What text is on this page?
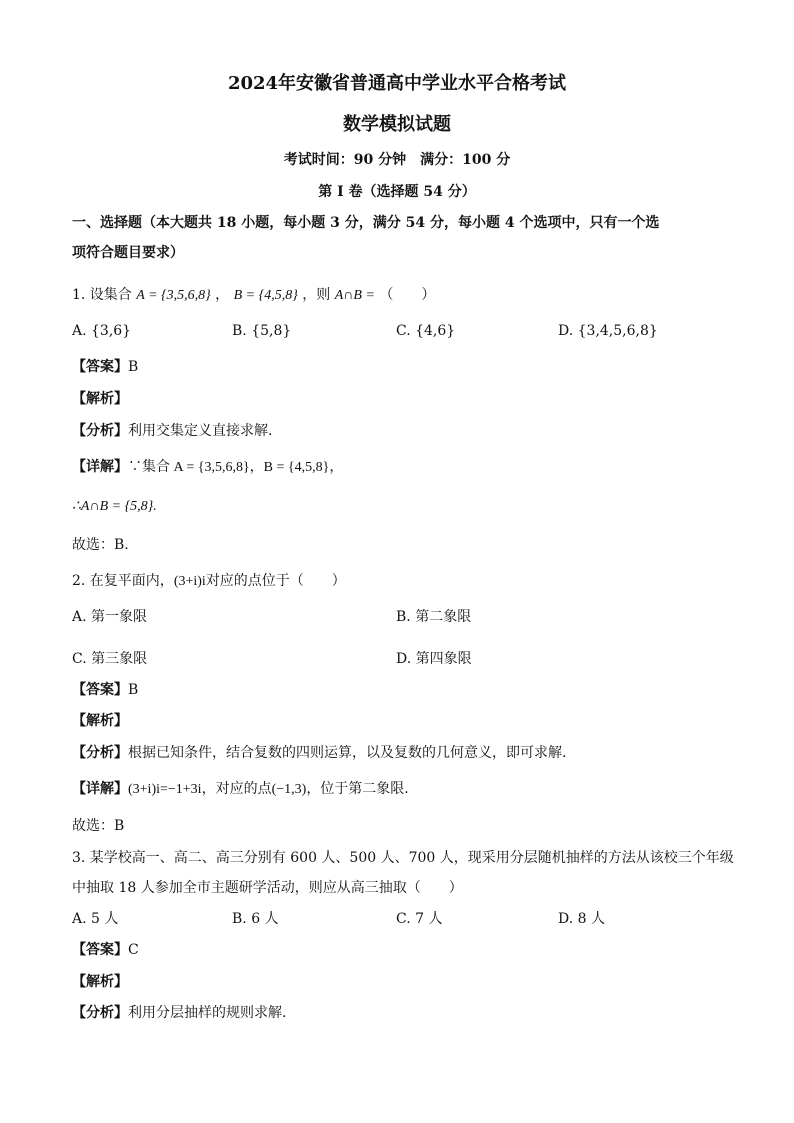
2024年安徽省普通高中学业水平合格考试
数学模拟试题
考试时间：90 分钟　满分：100 分
第 I 卷（选择题 54 分）
一、选择题（本大题共 18 小题，每小题 3 分，满分 54 分，每小题 4 个选项中，只有一个选
项符合题目要求）
1. 设集合 A = {3,5,6,8} ， B = {4,5,8} ，则 A∩B = （　　）
A. {3,6}	B. {5,8}	C. {4,6}	D. {3,4,5,6,8}
【答案】B
【解析】
【分析】利用交集定义直接求解.
【详解】∵集合 A = {3,5,6,8}，B = {4,5,8}，
∴A∩B = {5,8}.
故选：B.
2. 在复平面内，(3+i)i对应的点位于（　　）
A. 第一象限	B. 第二象限
C. 第三象限	D. 第四象限
【答案】B
【解析】
【分析】根据已知条件，结合复数的四则运算，以及复数的几何意义，即可求解.
【详解】(3+i)i=−1+3i，对应的点(−1,3)，位于第二象限.
故选：B
3. 某学校高一、高二、高三分别有 600 人、500 人、700 人，现采用分层随机抽样的方法从该校三个年级
中抽取 18 人参加全市主题研学活动，则应从高三抽取（　　）
A. 5 人	B. 6 人	C. 7 人	D. 8 人
【答案】C
【解析】
【分析】利用分层抽样的规则求解.
